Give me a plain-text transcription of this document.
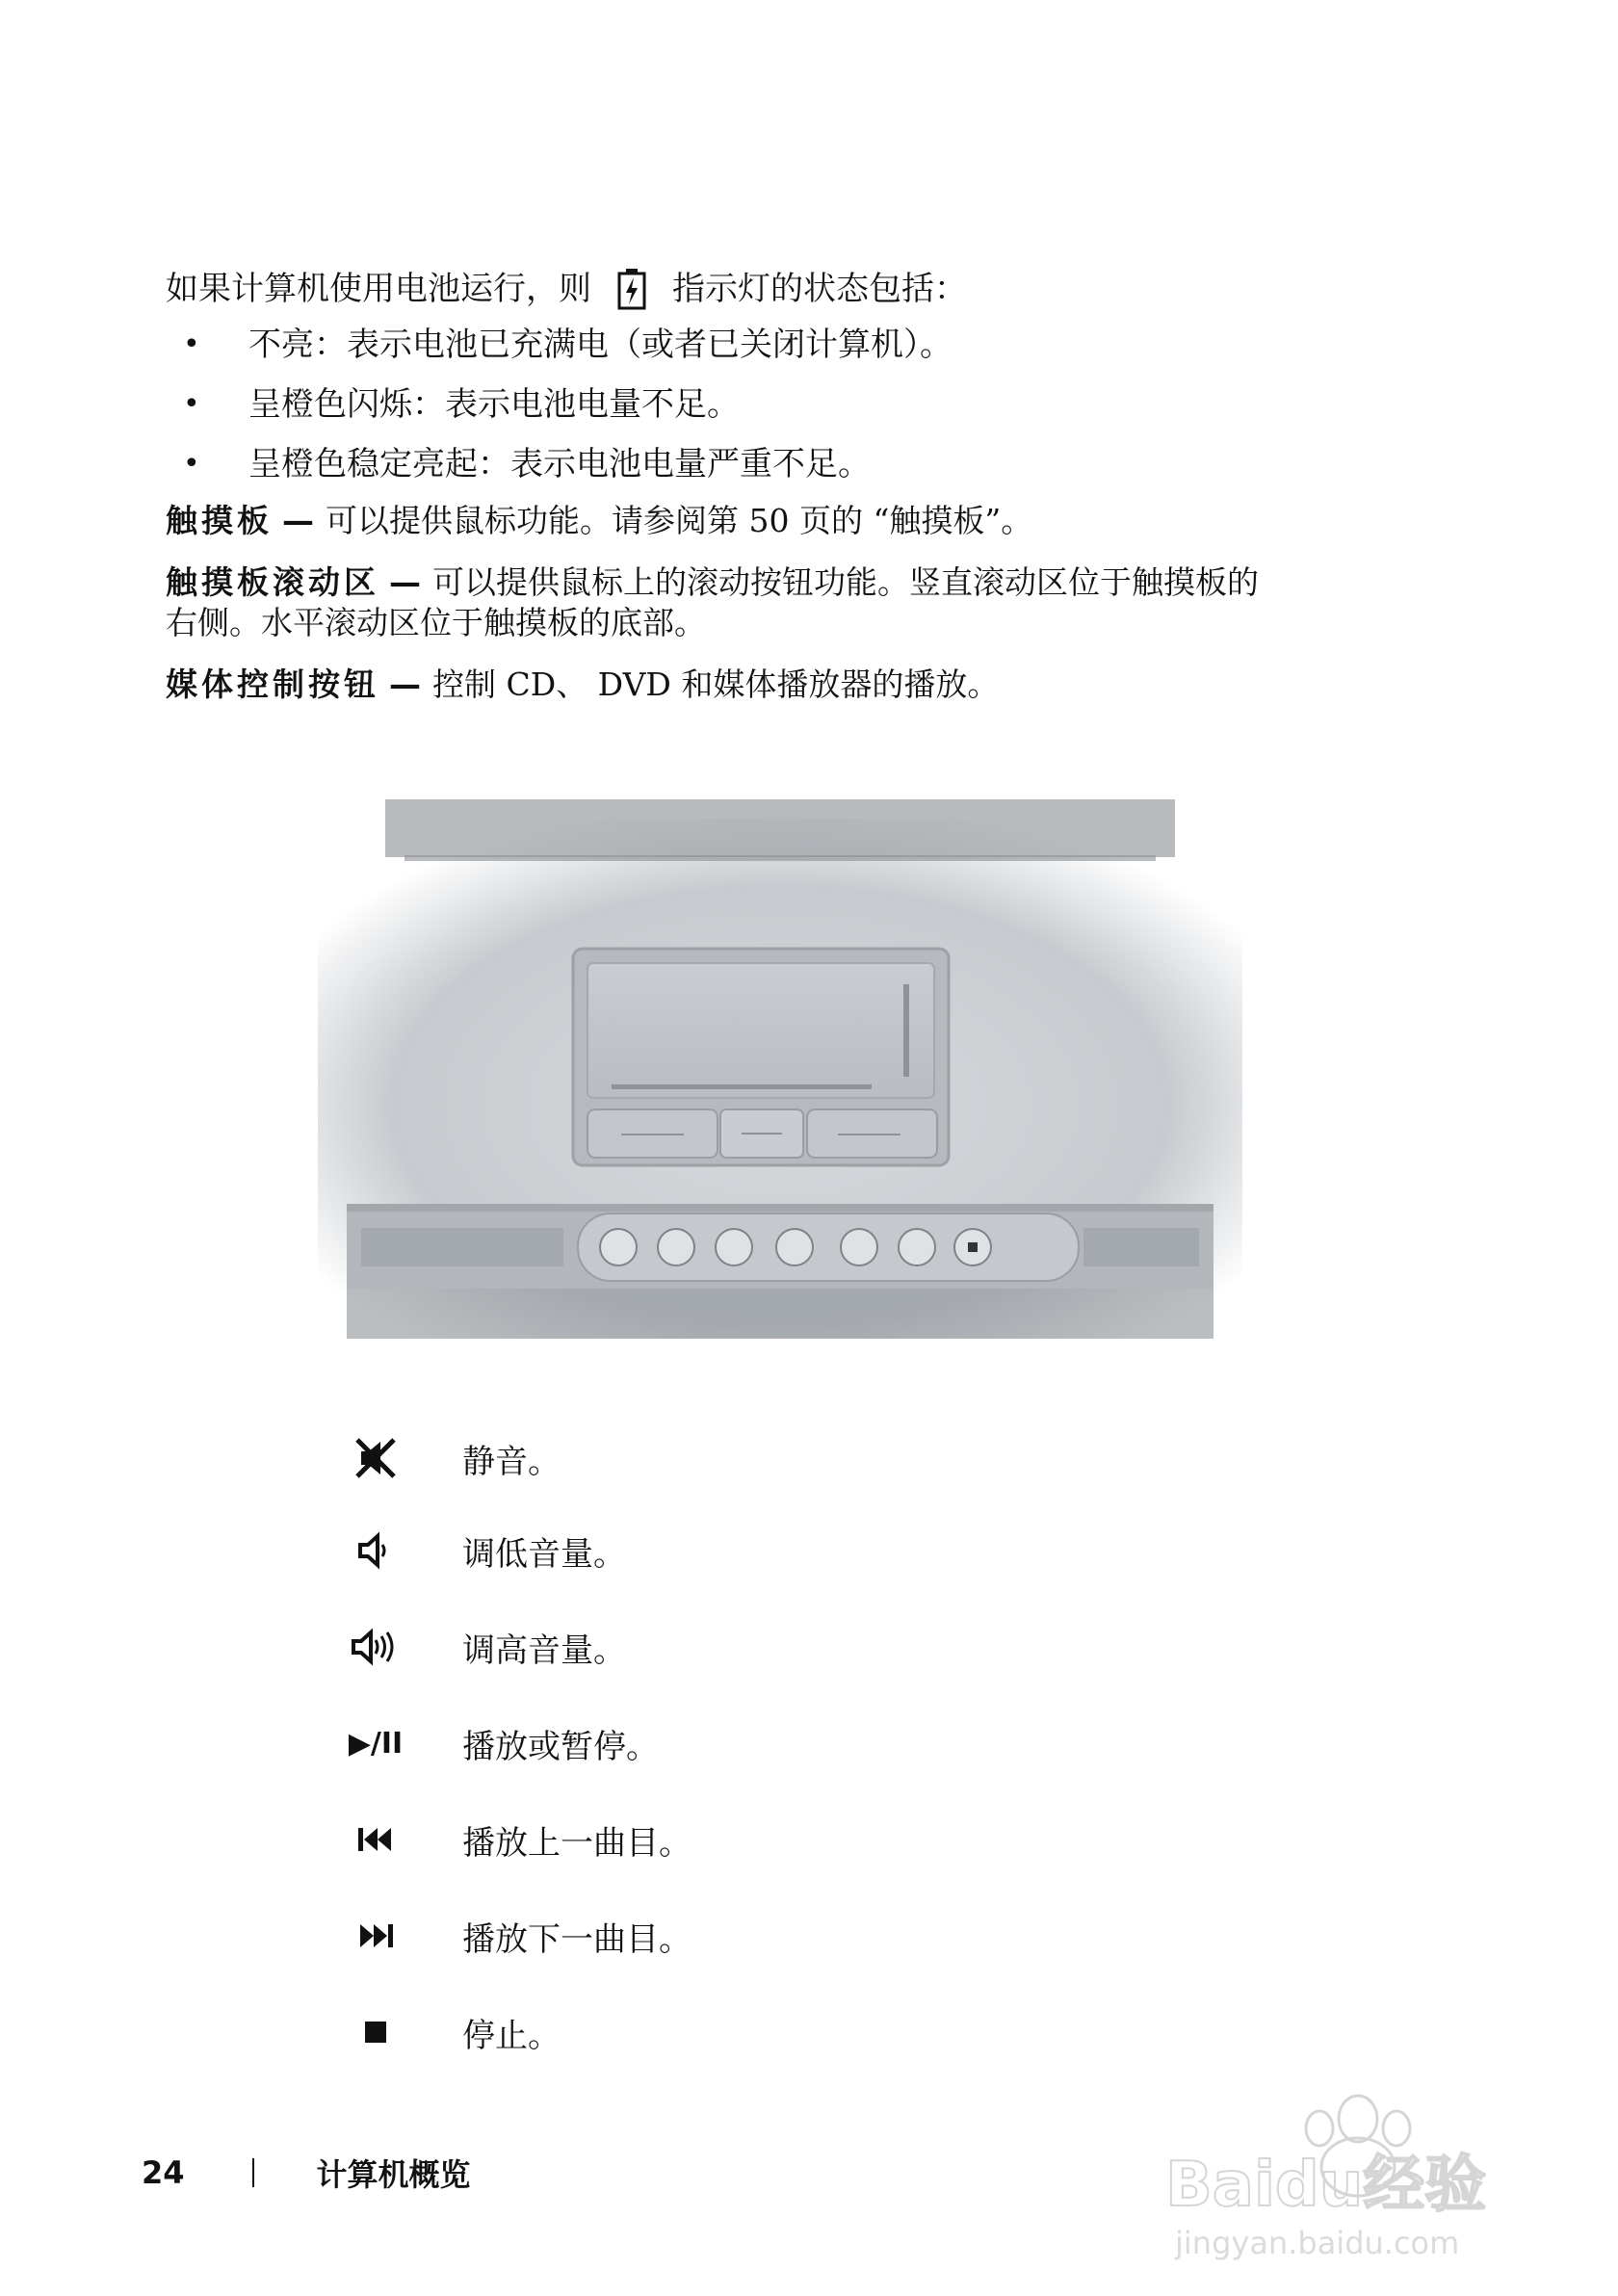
如果计算机使用电池运行，则 指示灯的状态包括：

•	不亮：表示电池已充满电（或者已关闭计算机）。
•	呈橙色闪烁：表示电池电量不足。
•	呈橙色稳定亮起：表示电池电量严重不足。

触摸板 — 可以提供鼠标功能。请参阅第 50 页的 “触摸板”。

触摸板滚动区 — 可以提供鼠标上的滚动按钮功能。竖直滚动区位于触摸板的
右侧。水平滚动区位于触摸板的底部。

媒体控制按钮 — 控制 CD、 DVD 和媒体播放器的播放。

静音。
调低音量。
调高音量。
▶/II 播放或暂停。
播放上一曲目。
播放下一曲目。
停止。
24	计算机概览	Baidu经验
jingyan.baidu.com
